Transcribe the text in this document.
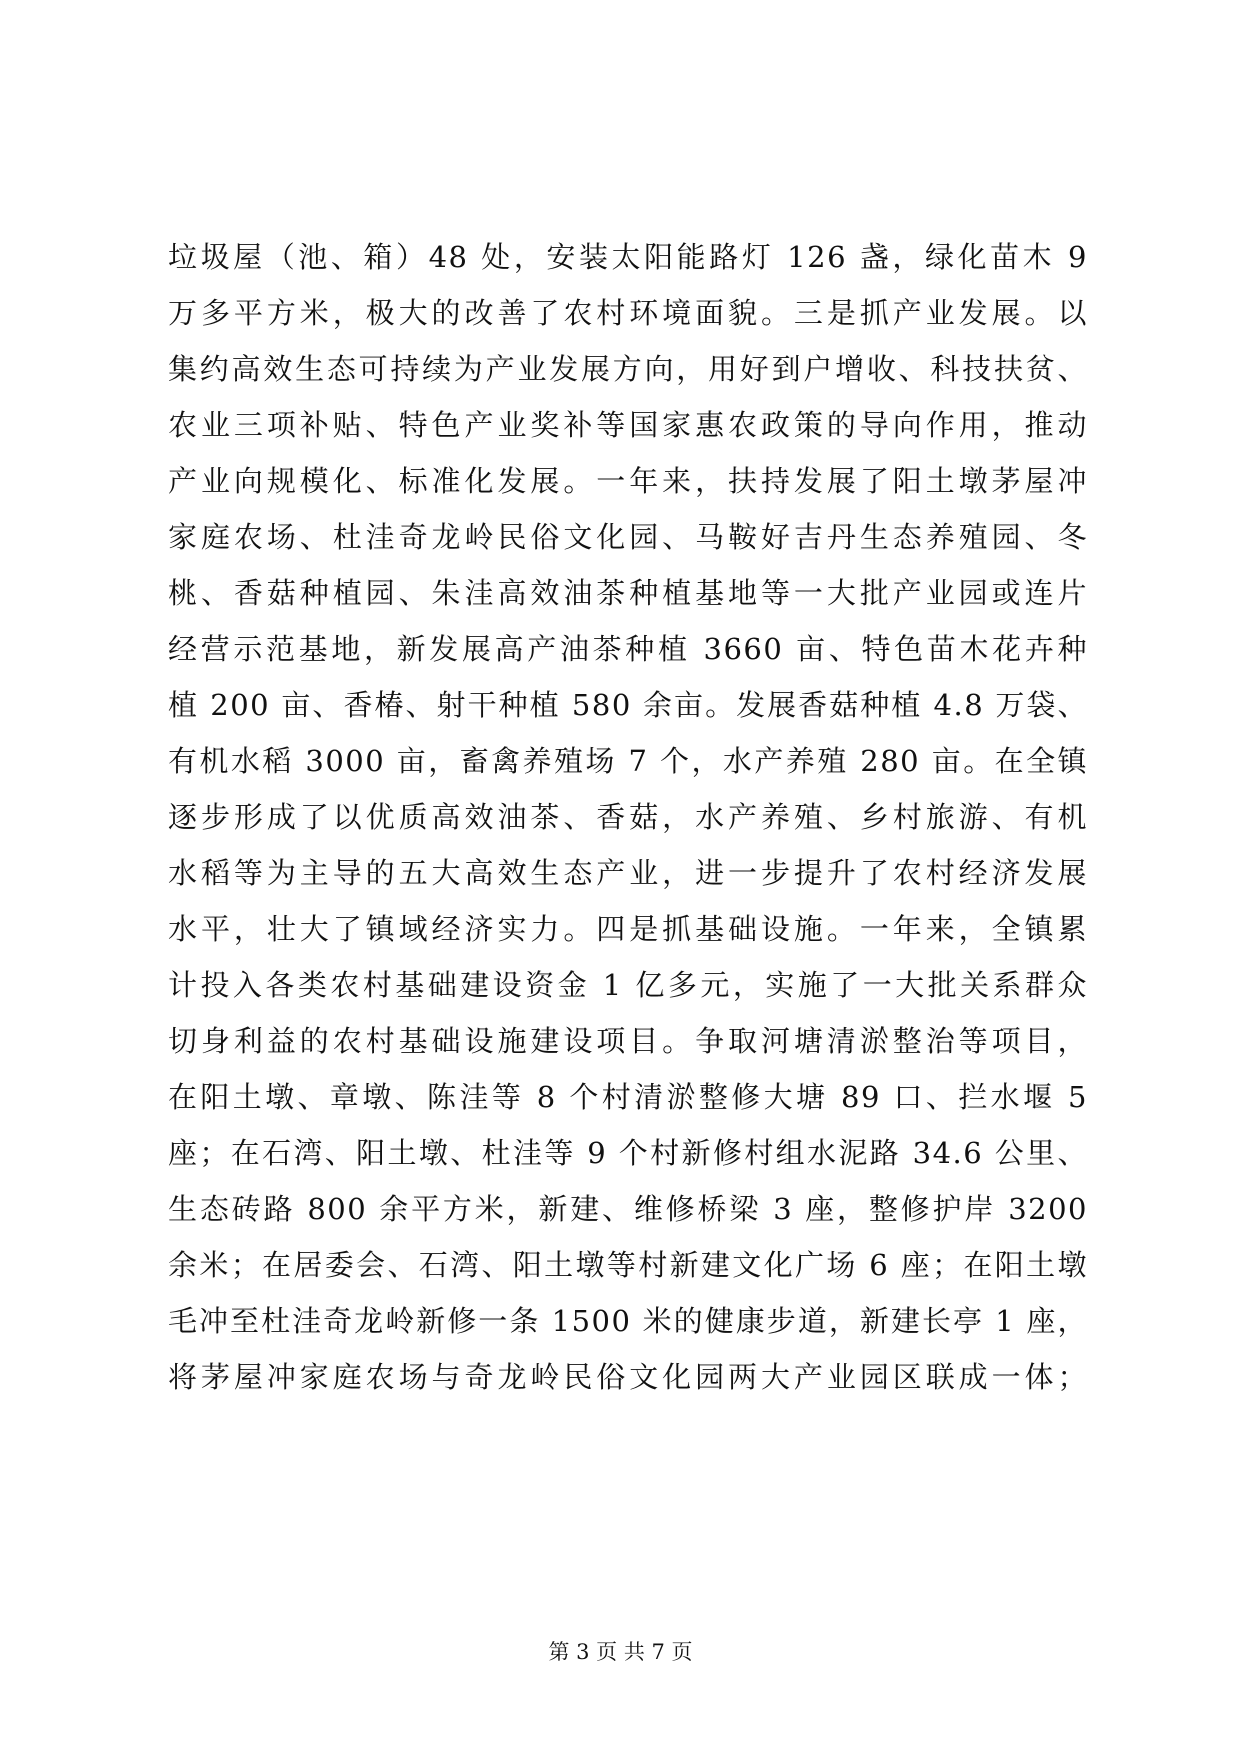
垃圾屋（池、箱）48 处，安装太阳能路灯 126 盏，绿化苗木 9
万多平方米，极大的改善了农村环境面貌。三是抓产业发展。以
集约高效生态可持续为产业发展方向，用好到户增收、科技扶贫、
农业三项补贴、特色产业奖补等国家惠农政策的导向作用，推动
产业向规模化、标准化发展。一年来，扶持发展了阳土墩茅屋冲
家庭农场、杜洼奇龙岭民俗文化园、马鞍好吉丹生态养殖园、冬
桃、香菇种植园、朱洼高效油茶种植基地等一大批产业园或连片
经营示范基地，新发展高产油茶种植 3660 亩、特色苗木花卉种
植 200 亩、香椿、射干种植 580 余亩。发展香菇种植 4.8 万袋、
有机水稻 3000 亩，畜禽养殖场 7 个，水产养殖 280 亩。在全镇
逐步形成了以优质高效油茶、香菇，水产养殖、乡村旅游、有机
水稻等为主导的五大高效生态产业，进一步提升了农村经济发展
水平，壮大了镇域经济实力。四是抓基础设施。一年来，全镇累
计投入各类农村基础建设资金 1 亿多元，实施了一大批关系群众
切身利益的农村基础设施建设项目。争取河塘清淤整治等项目，
在阳土墩、章墩、陈洼等 8 个村清淤整修大塘 89 口、拦水堰 5
座；在石湾、阳土墩、杜洼等 9 个村新修村组水泥路 34.6 公里、
生态砖路 800 余平方米，新建、维修桥梁 3 座，整修护岸 3200
余米；在居委会、石湾、阳土墩等村新建文化广场 6 座；在阳土墩
毛冲至杜洼奇龙岭新修一条 1500 米的健康步道，新建长亭 1 座，
将茅屋冲家庭农场与奇龙岭民俗文化园两大产业园区联成一体；
第 3 页 共 7 页
